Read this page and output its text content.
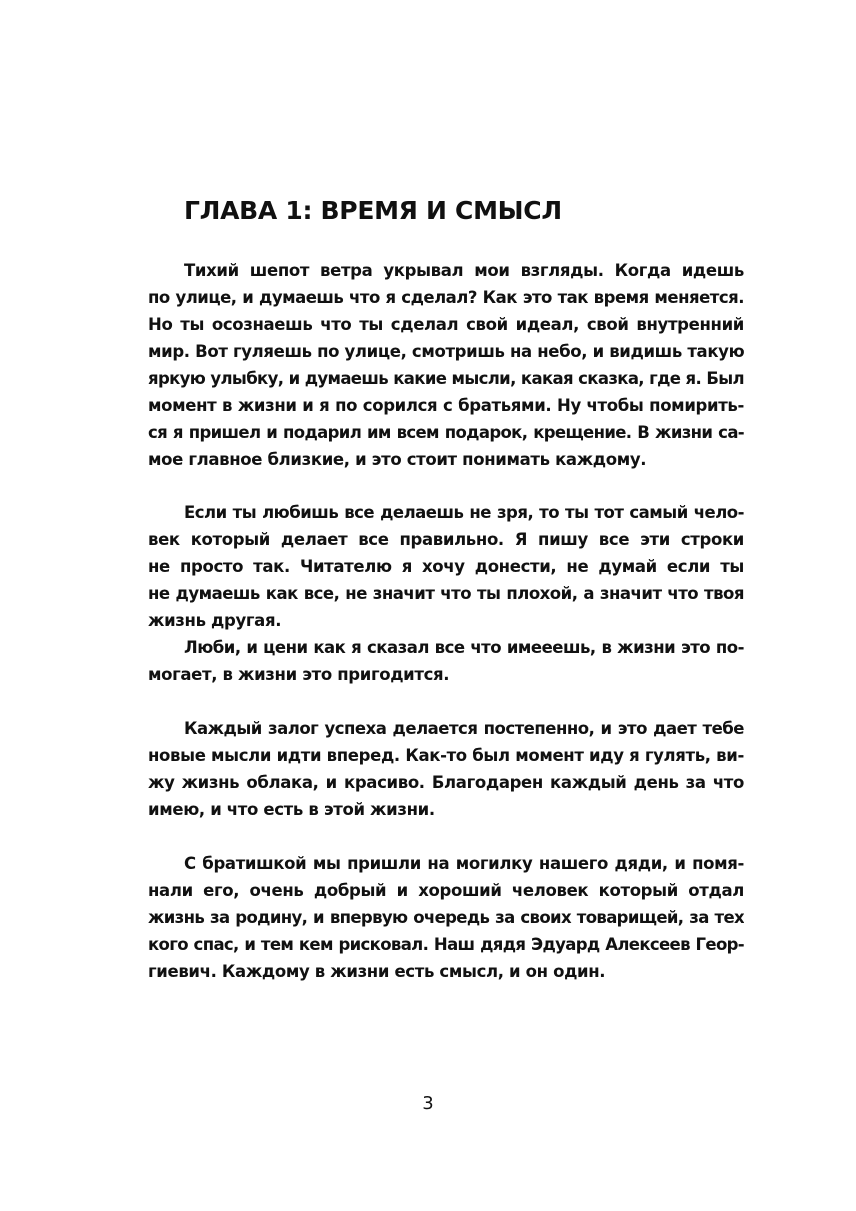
ГЛАВА 1: ВРЕМЯ И СМЫСЛ

Тихий шепот ветра укрывал мои взгляды. Когда идешь

по улице, и думаешь что я сделал? Как это так время меняется.

Но ты осознаешь что ты сделал свой идеал, свой внутренний

мир. Вот гуляешь по улице, смотришь на небо, и видишь такую

яркую улыбку, и думаешь какие мысли, какая сказка, где я. Был

момент в жизни и я по сорился с братьями. Ну чтобы помирить-

ся я пришел и подарил им всем подарок, крещение. В жизни са-

мое главное близкие, и это стоит понимать каждому.

Если ты любишь все делаешь не зря, то ты тот самый чело-

век который делает все правильно. Я пишу все эти строки

не просто так. Читателю я хочу донести, не думай если ты

не думаешь как все, не значит что ты плохой, а значит что твоя

жизнь другая.

Люби, и цени как я сказал все что имееешь, в жизни это по-

могает, в жизни это пригодится.

Каждый залог успеха делается постепенно, и это дает тебе

новые мысли идти вперед. Как-то был момент иду я гулять, ви-

жу жизнь облака, и красиво. Благодарен каждый день за что

имею, и что есть в этой жизни.

С братишкой мы пришли на могилку нашего дяди, и помя-

нали его, очень добрый и хороший человек который отдал

жизнь за родину, и впервую очередь за своих товарищей, за тех

кого спас, и тем кем рисковал. Наш дядя Эдуард Алексеев Геор-

гиевич. Каждому в жизни есть смысл, и он один.

3
